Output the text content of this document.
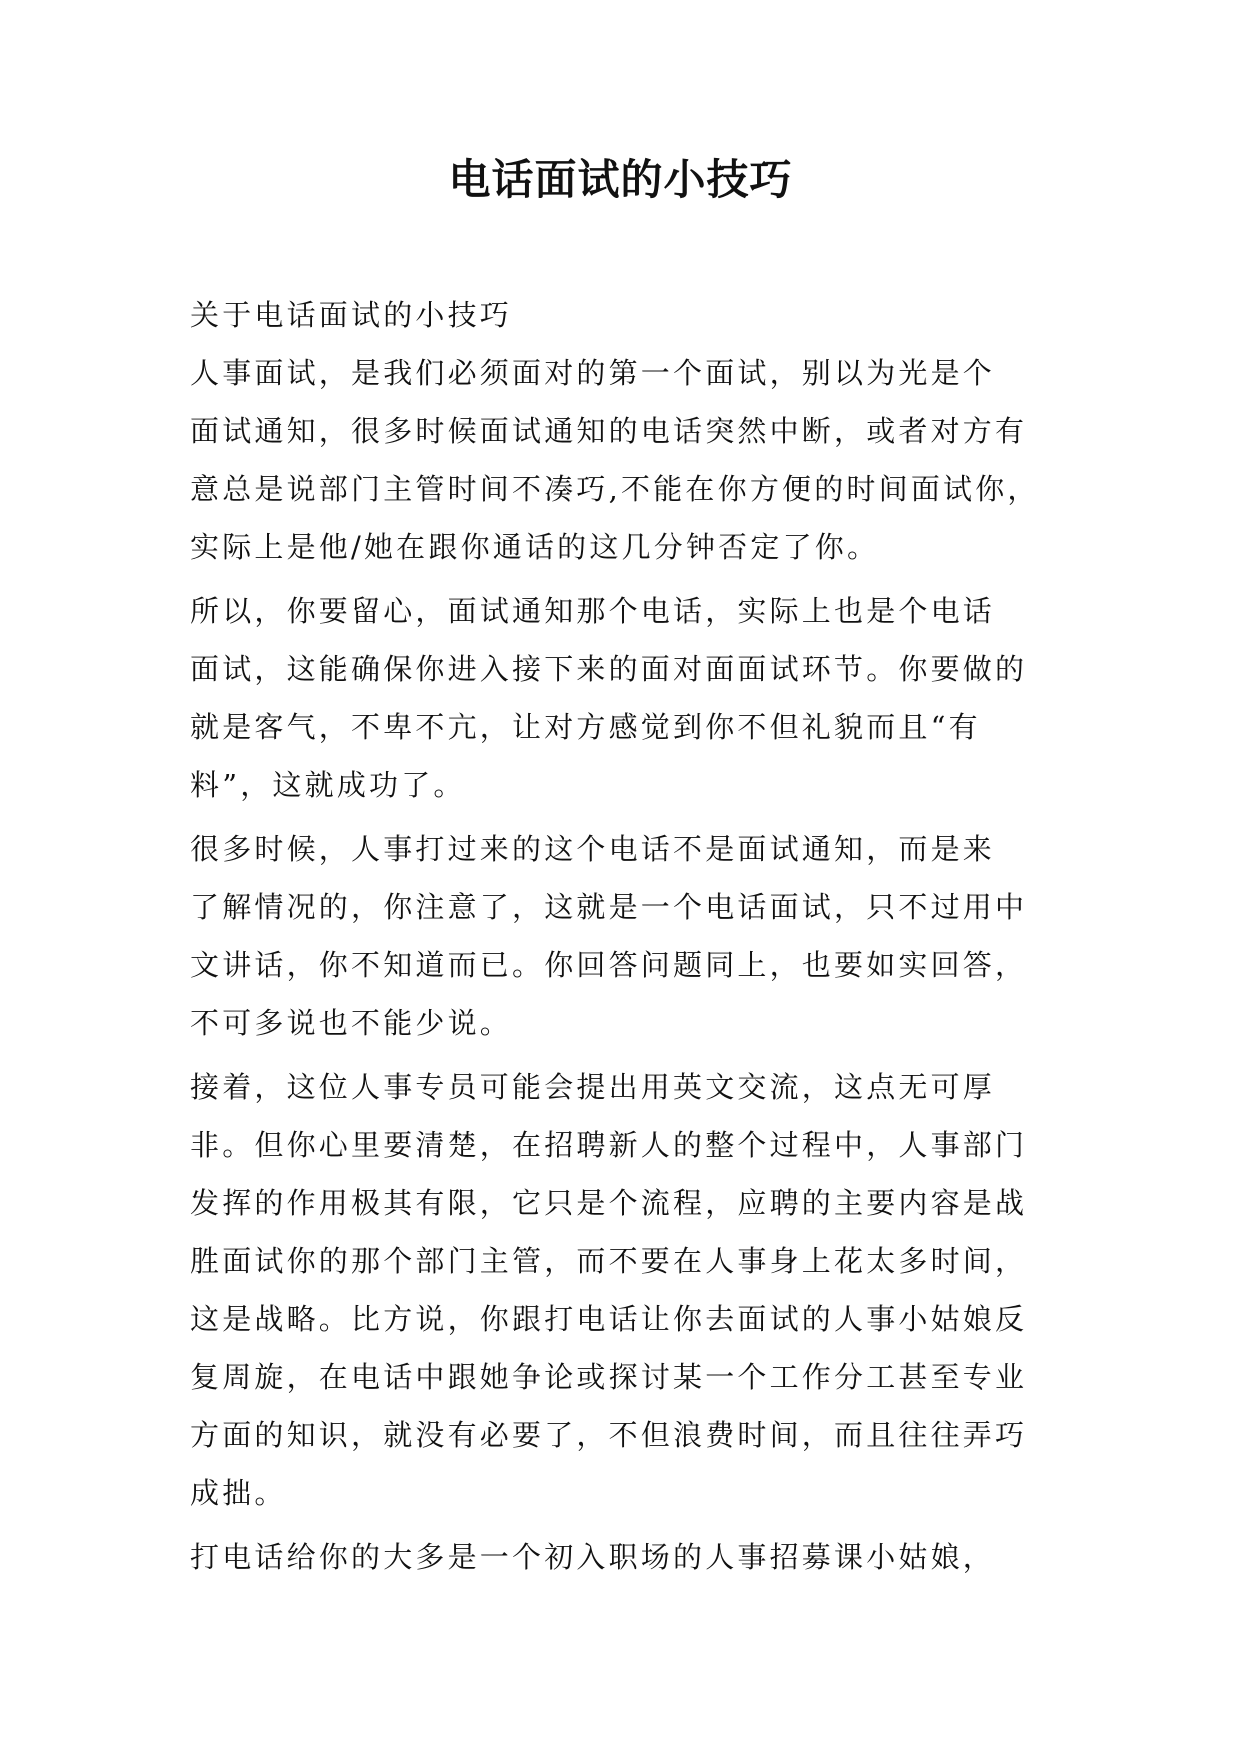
电话面试的小技巧

关于电话面试的小技巧

人事面试，是我们必须面对的第一个面试，别以为光是个

面试通知，很多时候面试通知的电话突然中断，或者对方有

意总是说部门主管时间不凑巧,不能在你方便的时间面试你，

实际上是他/她在跟你通话的这几分钟否定了你。

所以，你要留心，面试通知那个电话，实际上也是个电话

面试，这能确保你进入接下来的面对面面试环节。你要做的

就是客气，不卑不亢，让对方感觉到你不但礼貌而且“有

料”，这就成功了。

很多时候，人事打过来的这个电话不是面试通知，而是来

了解情况的，你注意了，这就是一个电话面试，只不过用中

文讲话，你不知道而已。你回答问题同上，也要如实回答，

不可多说也不能少说。

接着，这位人事专员可能会提出用英文交流，这点无可厚

非。但你心里要清楚，在招聘新人的整个过程中，人事部门

发挥的作用极其有限，它只是个流程，应聘的主要内容是战

胜面试你的那个部门主管，而不要在人事身上花太多时间，

这是战略。比方说，你跟打电话让你去面试的人事小姑娘反

复周旋，在电话中跟她争论或探讨某一个工作分工甚至专业

方面的知识，就没有必要了，不但浪费时间，而且往往弄巧

成拙。

打电话给你的大多是一个初入职场的人事招募课小姑娘，
